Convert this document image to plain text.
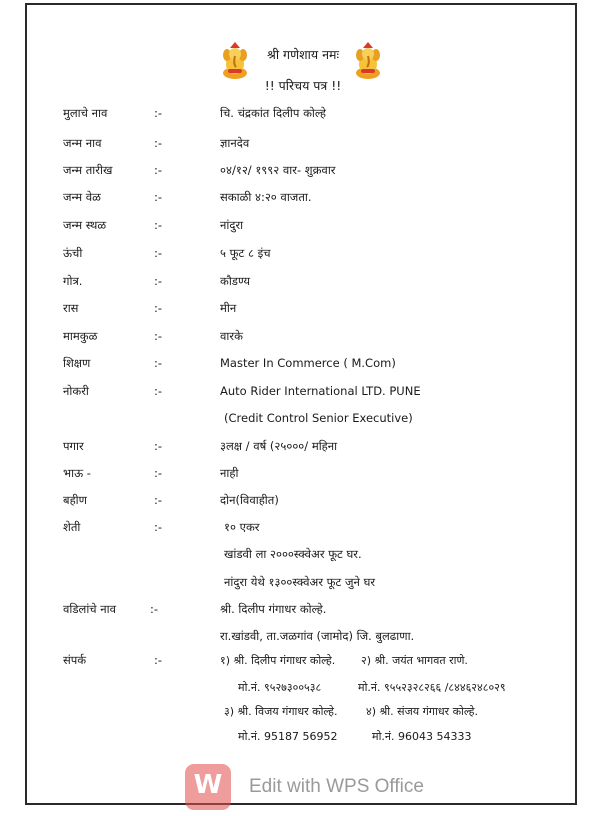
श्री गणेशाय नमः
!! परिचय पत्र !!
मुलाचे नाव	:-	चि. चंद्रकांत दिलीप कोल्हे
जन्म नाव	:-	ज्ञानदेव
जन्म तारीख	:-	०४/१२/ १९९२ वार- शुक्रवार
जन्म वेळ	:-	सकाळी ४:२० वाजता.
जन्म स्थळ	:-	नांदुरा
ऊंची	:-	५ फूट ८ इंच
गोत्र.	:-	कौडण्य
रास	:-	मीन
मामकुळ	:-	वारके
शिक्षण	:-	Master In Commerce ( M.Com)
नोकरी	:-	Auto Rider International LTD. PUNE
(Credit Control Senior Executive)
पगार	:-	३लक्ष / वर्ष (२५०००/ महिना
भाऊ -	:-	नाही
बहीण	:-	दोन(विवाहीत)
शेती	:-	१० एकर
खांडवी ला २०००स्क्वेअर फूट घर.
नांदुरा येथे १३००स्क्वेअर फूट जुने घर
वडिलांचे नाव	:-	श्री. दिलीप गंगाधर कोल्हे.
रा.खांडवी, ता.जळगांव (जामोद) जि. बुलढाणा.
संपर्क	:-	१) श्री. दिलीप गंगाधर कोल्हे. २) श्री. जयंत भागवत राणे.
मो.नं. ९५२७३००५३८	मो.नं. ९५५२३२८२६६ /८४४६२४८०२९
३) श्री. विजय गंगाधर कोल्हे.	४) श्री. संजय गंगाधर कोल्हे.
मो.नं. 95187 56952	मो.नं. 96043 54333
W	Edit with WPS Office
